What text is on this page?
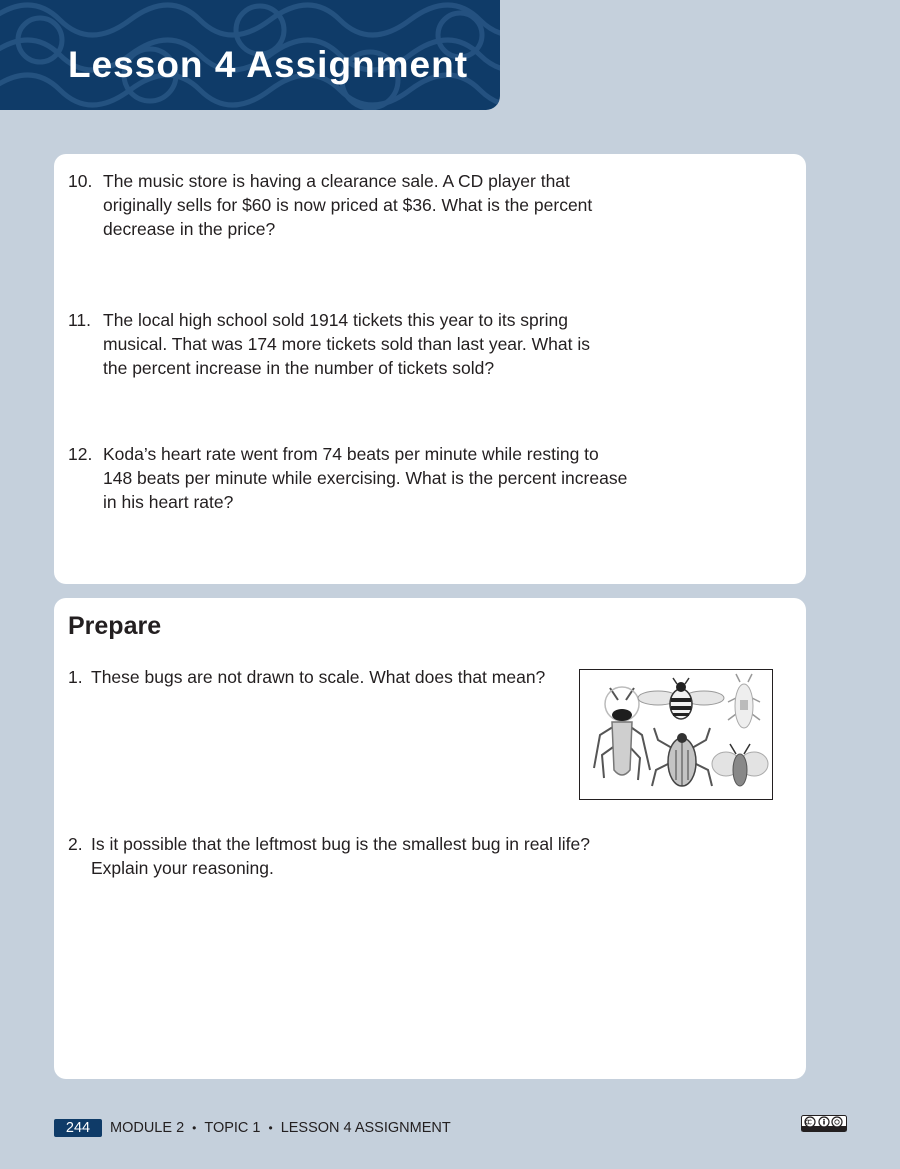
Lesson 4 Assignment
10. The music store is having a clearance sale. A CD player that originally sells for $60 is now priced at $36. What is the percent decrease in the price?

11. The local high school sold 1914 tickets this year to its spring musical. That was 174 more tickets sold than last year. What is the percent increase in the number of tickets sold?

12. Koda’s heart rate went from 74 beats per minute while resting to 148 beats per minute while exercising. What is the percent increase in his heart rate?

Prepare
1. These bugs are not drawn to scale. What does that mean?

2. Is it possible that the leftmost bug is the smallest bug in real life? Explain your reasoning.

244	MODULE 2 • TOPIC 1 • LESSON 4 ASSIGNMENT
